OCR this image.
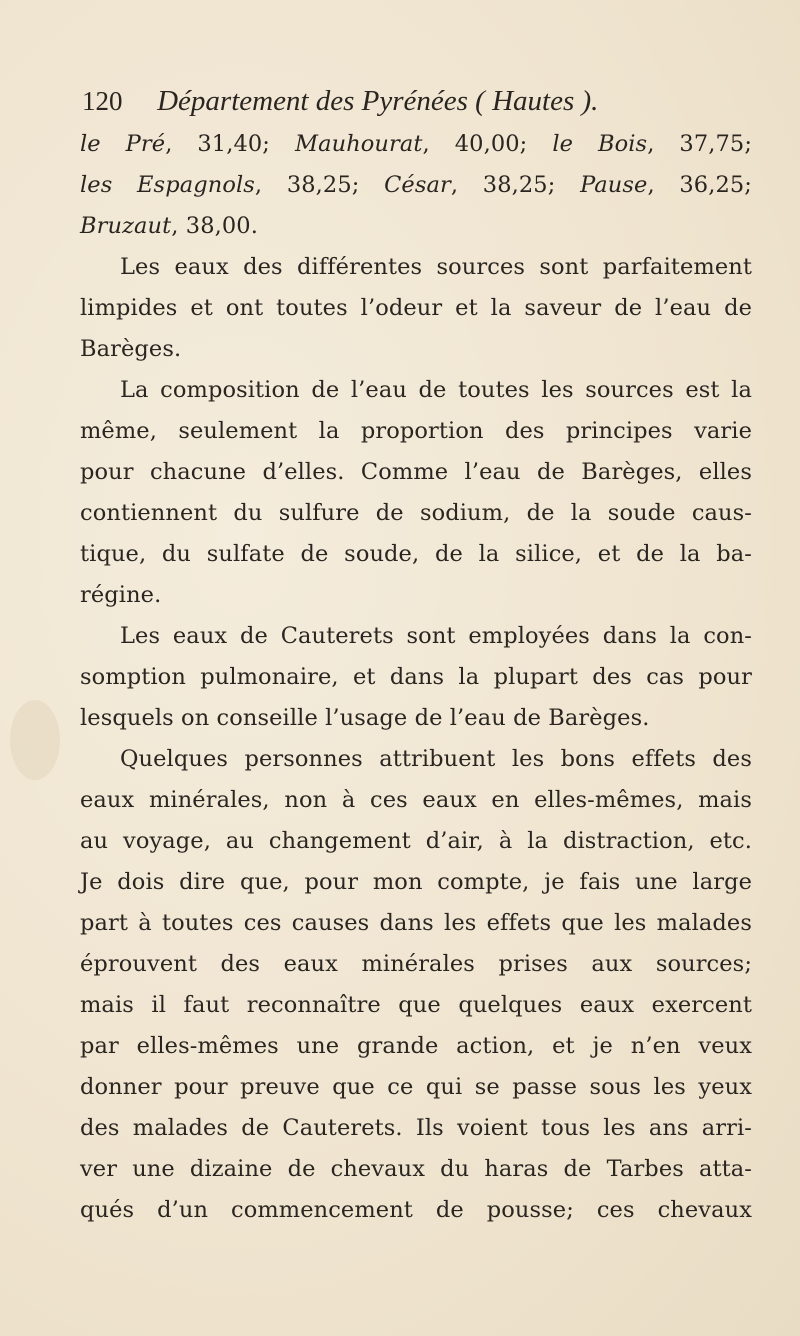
120 Département des Pyrénées ( Hautes ).
le Pré, 31,40; Mauhourat, 40,00; le Bois, 37,75;
les Espagnols, 38,25; César, 38,25; Pause, 36,25;
Bruzaut, 38,00.
Les eaux des différentes sources sont parfaitement
limpides et ont toutes l’odeur et la saveur de l’eau de
Barèges.
La composition de l’eau de toutes les sources est la
même, seulement la proportion des principes varie
pour chacune d’elles. Comme l’eau de Barèges, elles
contiennent du sulfure de sodium, de la soude caus-
tique, du sulfate de soude, de la silice, et de la ba-
régine.
Les eaux de Cauterets sont employées dans la con-
somption pulmonaire, et dans la plupart des cas pour
lesquels on conseille l’usage de l’eau de Barèges.
Quelques personnes attribuent les bons effets des
eaux minérales, non à ces eaux en elles-mêmes, mais
au voyage, au changement d’air, à la distraction, etc.
Je dois dire que, pour mon compte, je fais une large
part à toutes ces causes dans les effets que les malades
éprouvent des eaux minérales prises aux sources;
mais il faut reconnaître que quelques eaux exercent
par elles-mêmes une grande action, et je n’en veux
donner pour preuve que ce qui se passe sous les yeux
des malades de Cauterets. Ils voient tous les ans arri-
ver une dizaine de chevaux du haras de Tarbes atta-
qués d’un commencement de pousse; ces chevaux
